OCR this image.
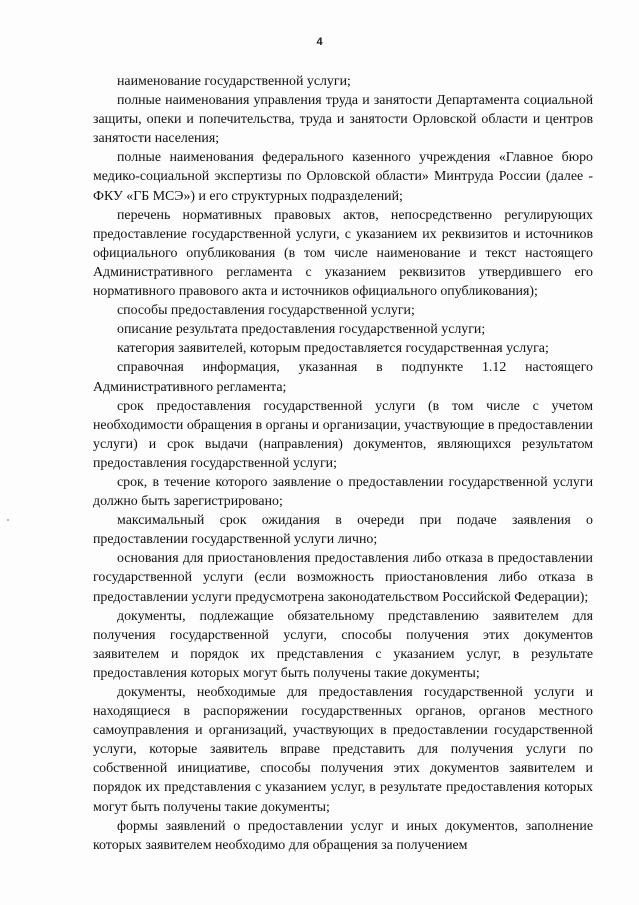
4

наименование государственной услуги;

полные наименования управления труда и занятости Департамента социальной защиты, опеки и попечительства, труда и занятости Орловской области и центров занятости населения;

полные наименования федерального казенного учреждения «Главное бюро медико-социальной экспертизы по Орловской области» Минтруда России (далее - ФКУ «ГБ МСЭ») и его структурных подразделений;

перечень нормативных правовых актов, непосредственно регулирующих предоставление государственной услуги, с указанием их реквизитов и источников официального опубликования (в том числе наименование и текст настоящего Административного регламента с указанием реквизитов утвердившего его нормативного правового акта и источников официального опубликования);

способы предоставления государственной услуги;

описание результата предоставления государственной услуги;

категория заявителей, которым предоставляется государственная услуга;

справочная информация, указанная в подпункте 1.12 настоящего Административного регламента;

срок предоставления государственной услуги (в том числе с учетом необходимости обращения в органы и организации, участвующие в предоставлении услуги) и срок выдачи (направления) документов, являющихся результатом предоставления государственной услуги;

срок, в течение которого заявление о предоставлении государственной услуги должно быть зарегистрировано;

максимальный срок ожидания в очереди при подаче заявления о предоставлении государственной услуги лично;

основания для приостановления предоставления либо отказа в предоставлении государственной услуги (если возможность приостановления либо отказа в предоставлении услуги предусмотрена законодательством Российской Федерации);

документы, подлежащие обязательному представлению заявителем для получения государственной услуги, способы получения этих документов заявителем и порядок их представления с указанием услуг, в результате предоставления которых могут быть получены такие документы;

документы, необходимые для предоставления государственной услуги и находящиеся в распоряжении государственных органов, органов местного самоуправления и организаций, участвующих в предоставлении государственной услуги, которые заявитель вправе представить для получения услуги по собственной инициативе, способы получения этих документов заявителем и порядок их представления с указанием услуг, в результате предоставления которых могут быть получены такие документы;

формы заявлений о предоставлении услуг и иных документов, заполнение которых заявителем необходимо для обращения за получением
